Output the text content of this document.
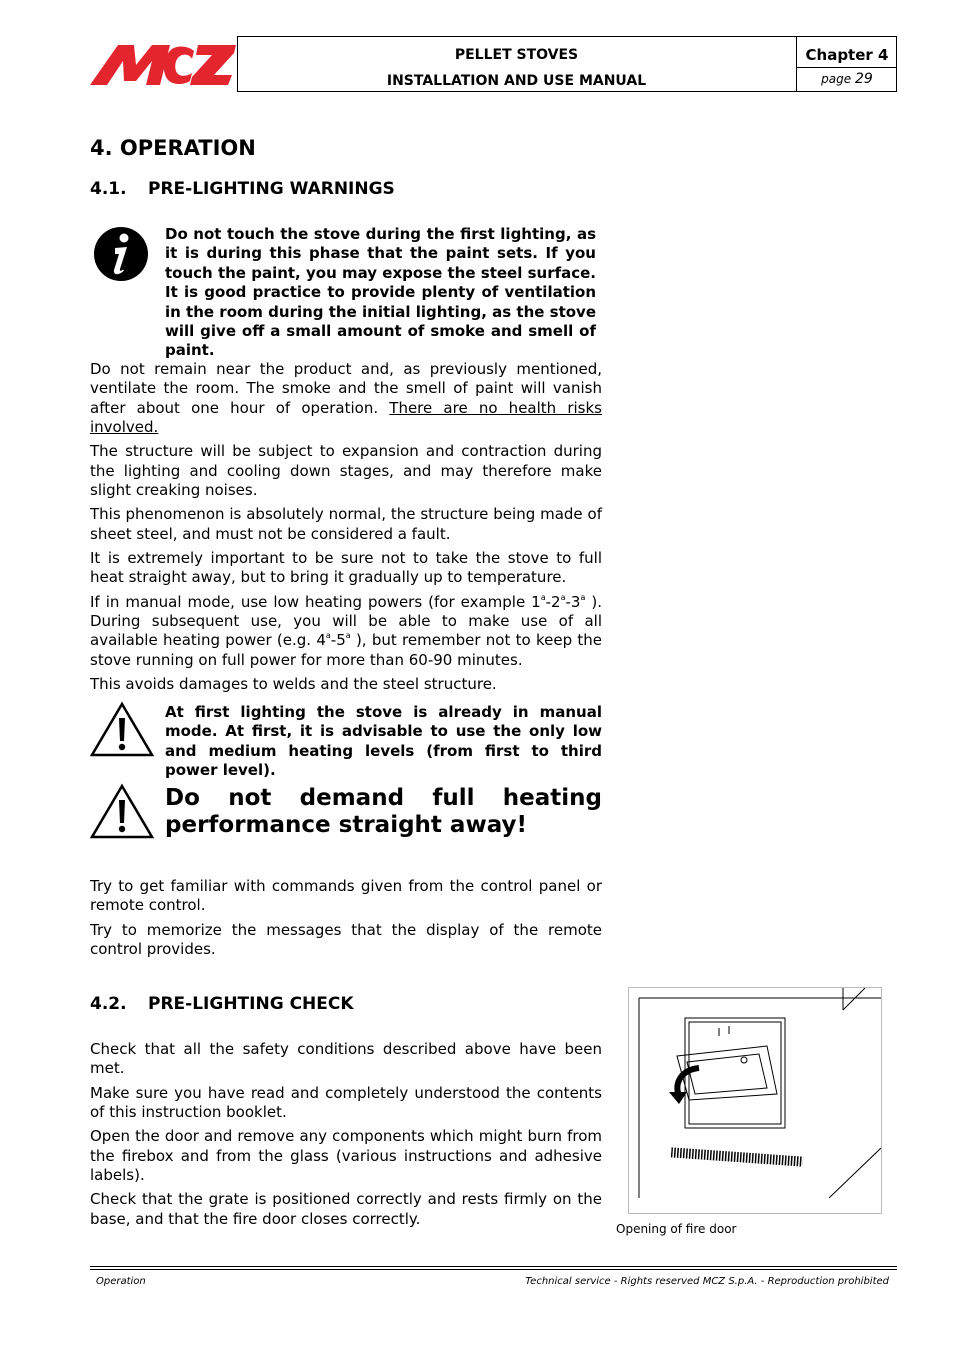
PELLET STOVES
INSTALLATION AND USE MANUAL
Chapter 4
page 29
4. OPERATION
4.1. PRE-LIGHTING WARNINGS
Do not touch the stove during the first lighting, as it is during this phase that the paint sets. If you touch the paint, you may expose the steel surface. It is good practice to provide plenty of ventilation in the room during the initial lighting, as the stove will give off a small amount of smoke and smell of paint.

Do not remain near the product and, as previously mentioned, ventilate the room. The smoke and the smell of paint will vanish after about one hour of operation. There are no health risks involved.

The structure will be subject to expansion and contraction during the lighting and cooling down stages, and may therefore make slight creaking noises.

This phenomenon is absolutely normal, the structure being made of sheet steel, and must not be considered a fault.

It is extremely important to be sure not to take the stove to full heat straight away, but to bring it gradually up to temperature.

If in manual mode, use low heating powers (for example 1$^a$-2$^a$-3$^a$ ). During subsequent use, you will be able to make use of all available heating power (e.g. 4$^a$-5$^a$ ), but remember not to keep the stove running on full power for more than 60-90 minutes.

This avoids damages to welds and the steel structure.

At first lighting the stove is already in manual mode. At first, it is advisable to use the only low and medium heating levels (from first to third power level).
Do not demand full heating performance straight away!

Try to get familiar with commands given from the control panel or remote control.

Try to memorize the messages that the display of the remote control provides.

4.2. PRE-LIGHTING CHECK

Check that all the safety conditions described above have been met.

Make sure you have read and completely understood the contents of this instruction booklet.

Open the door and remove any components which might burn from the firebox and from the glass (various instructions and adhesive labels).

Check that the grate is positioned correctly and rests firmly on the base, and that the fire door closes correctly.

Opening of fire door
Operation	Technical service - Rights reserved MCZ S.p.A. - Reproduction prohibited
